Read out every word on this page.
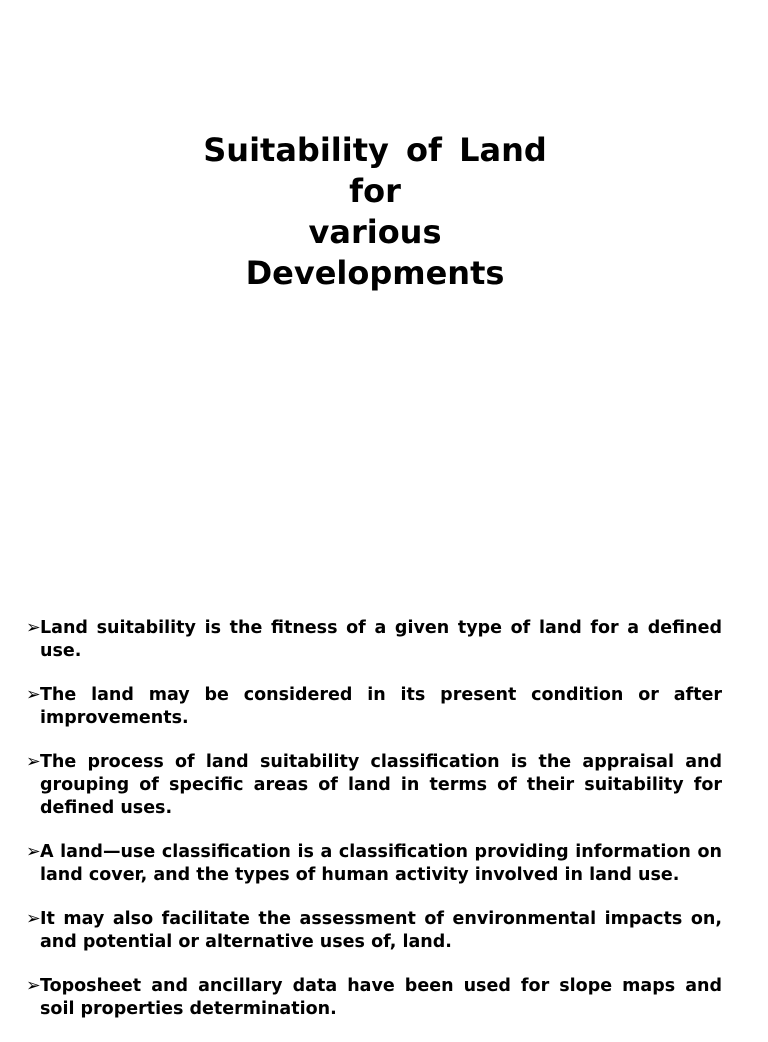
Suitability of Land
for
various
Developments
➢ Land suitability is the fitness of a given type of land for a defined use.
➢ The land may be considered in its present condition or after improvements.
➢ The process of land suitability classification is the appraisal and grouping of specific areas of land in terms of their suitability for defined uses.
➢ A land—use classification is a classification providing information on land cover, and the types of human activity involved in land use.
➢ It may also facilitate the assessment of environmental impacts on, and potential or alternative uses of, land.
➢ Toposheet and ancillary data have been used for slope maps and soil properties determination.
